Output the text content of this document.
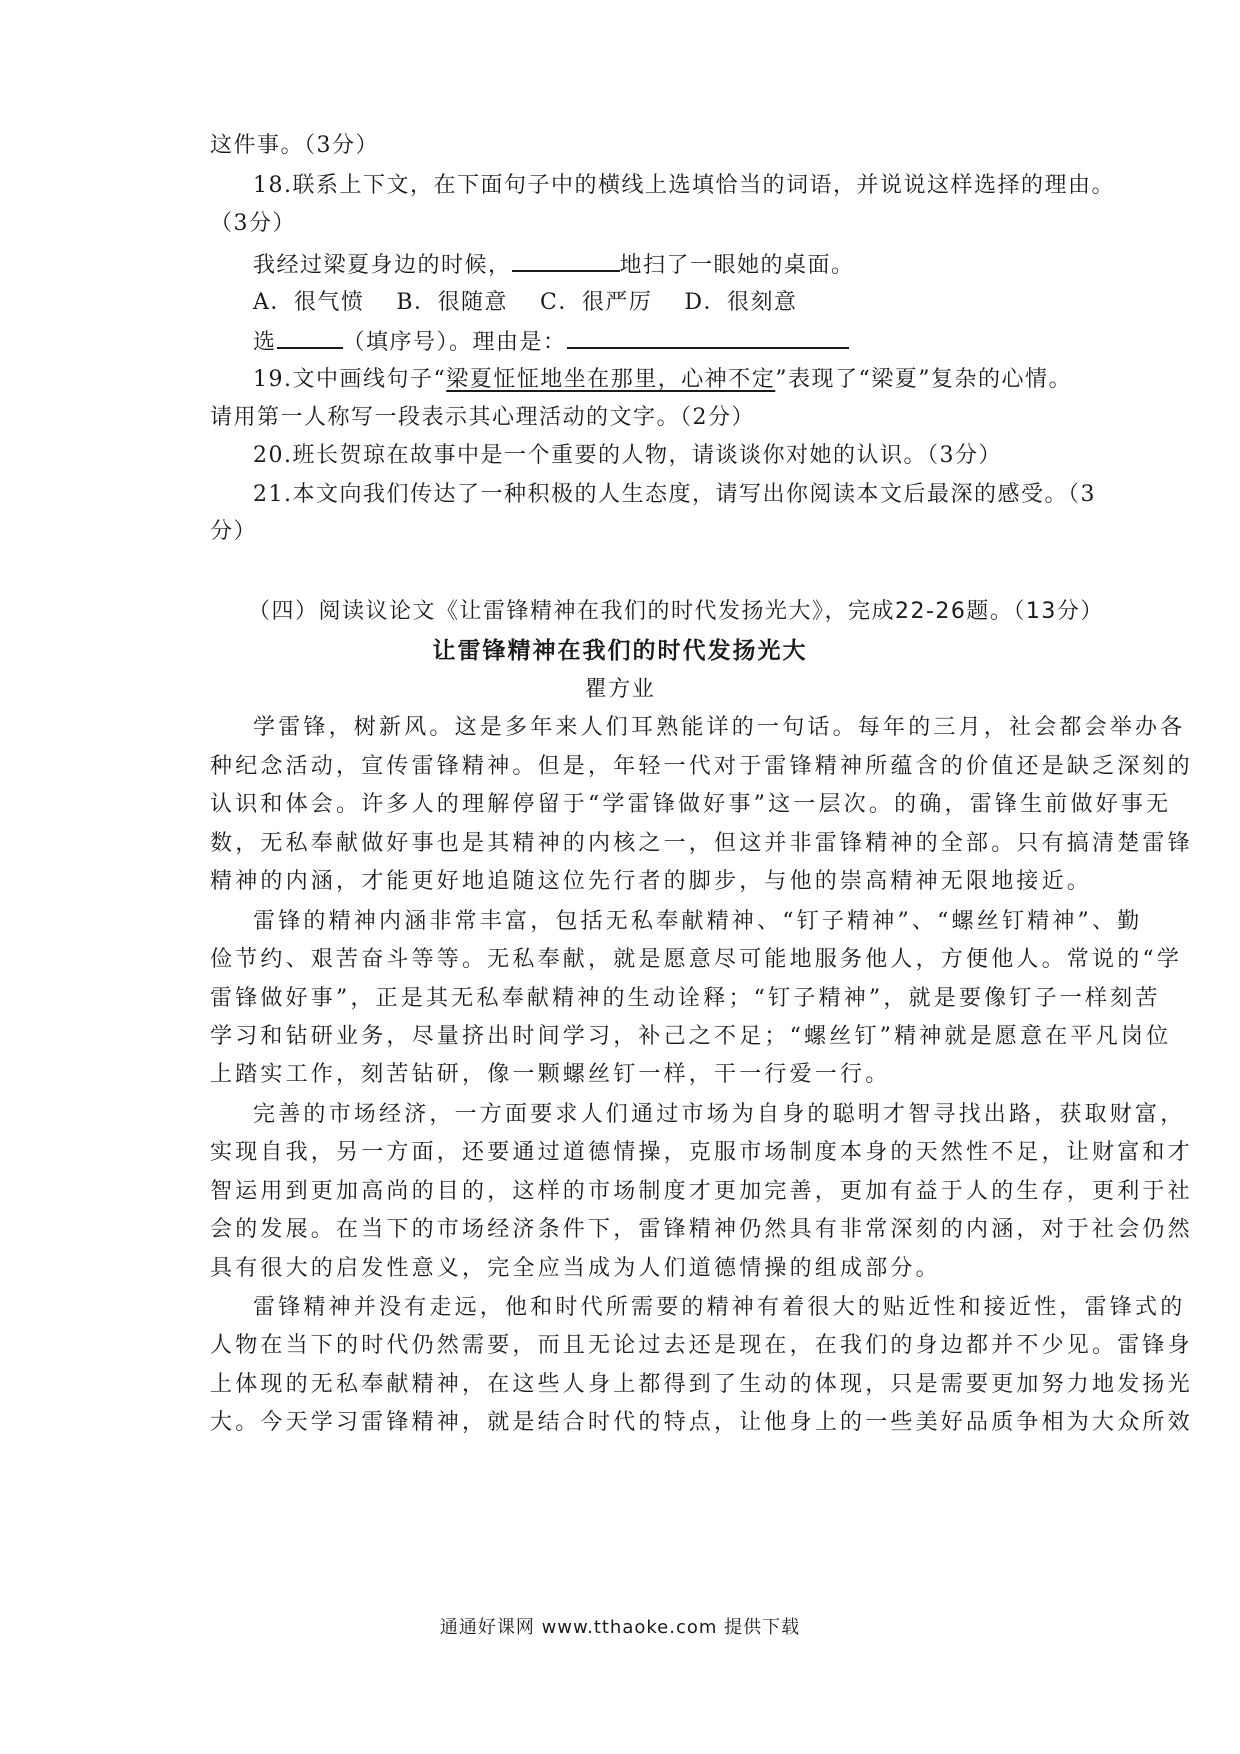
这件事。（3分）
18.联系上下文，在下面句子中的横线上选填恰当的词语，并说说这样选择的理由。
（3分）
我经过梁夏身边的时候，	地扫了一眼她的桌面。
A．很气愤　 B．很随意　 C．很严厉　 D．很刻意
选	（填序号）。理由是：
19.文中画线句子“梁夏怔怔地坐在那里，心神不定”表现了“梁夏”复杂的心情。
请用第一人称写一段表示其心理活动的文字。（2分）
20.班长贺琼在故事中是一个重要的人物，请谈谈你对她的认识。（3分）
21.本文向我们传达了一种积极的人生态度，请写出你阅读本文后最深的感受。（3
分）
（四）阅读议论文《让雷锋精神在我们的时代发扬光大》，完成22-26题。（13分）
让雷锋精神在我们的时代发扬光大
瞿方业
学雷锋，树新风。这是多年来人们耳熟能详的一句话。每年的三月，社会都会举办各
种纪念活动，宣传雷锋精神。但是，年轻一代对于雷锋精神所蕴含的价值还是缺乏深刻的
认识和体会。许多人的理解停留于“学雷锋做好事”这一层次。的确，雷锋生前做好事无
数，无私奉献做好事也是其精神的内核之一，但这并非雷锋精神的全部。只有搞清楚雷锋
精神的内涵，才能更好地追随这位先行者的脚步，与他的崇高精神无限地接近。
雷锋的精神内涵非常丰富，包括无私奉献精神、“钉子精神”、“螺丝钉精神”、勤
俭节约、艰苦奋斗等等。无私奉献，就是愿意尽可能地服务他人，方便他人。常说的“学
雷锋做好事”，正是其无私奉献精神的生动诠释；“钉子精神”，就是要像钉子一样刻苦
学习和钻研业务，尽量挤出时间学习，补己之不足；“螺丝钉”精神就是愿意在平凡岗位
上踏实工作，刻苦钻研，像一颗螺丝钉一样，干一行爱一行。
完善的市场经济，一方面要求人们通过市场为自身的聪明才智寻找出路，获取财富，
实现自我，另一方面，还要通过道德情操，克服市场制度本身的天然性不足，让财富和才
智运用到更加高尚的目的，这样的市场制度才更加完善，更加有益于人的生存，更利于社
会的发展。在当下的市场经济条件下，雷锋精神仍然具有非常深刻的内涵，对于社会仍然
具有很大的启发性意义，完全应当成为人们道德情操的组成部分。
雷锋精神并没有走远，他和时代所需要的精神有着很大的贴近性和接近性，雷锋式的
人物在当下的时代仍然需要，而且无论过去还是现在，在我们的身边都并不少见。雷锋身
上体现的无私奉献精神，在这些人身上都得到了生动的体现，只是需要更加努力地发扬光
大。今天学习雷锋精神，就是结合时代的特点，让他身上的一些美好品质争相为大众所效
通通好课网 www.tthaoke.com 提供下载
